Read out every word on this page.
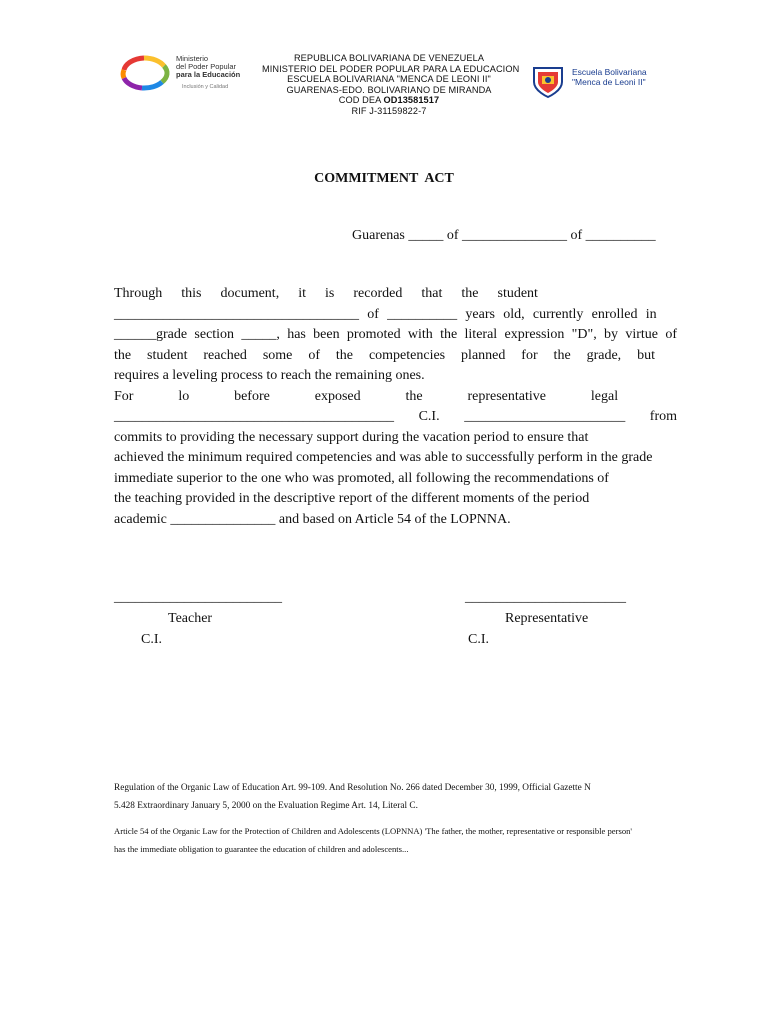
Ministerio
del Poder Popular
para la Educación
Inclusión y Calidad
REPUBLICA BOLIVARIANA DE VENEZUELA
MINISTERIO DEL PODER POPULAR PARA LA EDUCACION
ESCUELA BOLIVARIANA "MENCA DE LEONI II"
GUARENAS-EDO. BOLIVARIANO DE MIRANDA
COD DEA OD13581517
RIF J-31159822-7
Escuela Bolivariana
"Menca de Leoni II"
COMMITMENT  ACT
Guarenas _____ of _______________ of __________
Through this document, it is recorded that the student
___________________________________ of __________ years old, currently enrolled in
______grade section _____, has been promoted with the literal expression "D", by virtue of
the student reached some of the competencies planned for the grade, but
requires a leveling process to reach the remaining ones.
For	lo	before	exposed	the	representative	legal
________________________________________ C.I. _______________________ from
commits to providing the necessary support during the vacation period to ensure that
achieved the minimum required competencies and was able to successfully perform in the grade
immediate superior to the one who was promoted, all following the recommendations of
the teaching provided in the descriptive report of the different moments of the period
academic _______________ and based on Article 54 of the LOPNNA.
________________________
Teacher
C.I.
_______________________
Representative
C.I.
Regulation of the Organic Law of Education Art. 99-109. And Resolution No. 266 dated December 30, 1999, Official Gazette N
5.428 Extraordinary January 5, 2000 on the Evaluation Regime Art. 14, Literal C.
Article 54 of the Organic Law for the Protection of Children and Adolescents (LOPNNA) 'The father, the mother, representative or responsible person'
has the immediate obligation to guarantee the education of children and adolescents...
